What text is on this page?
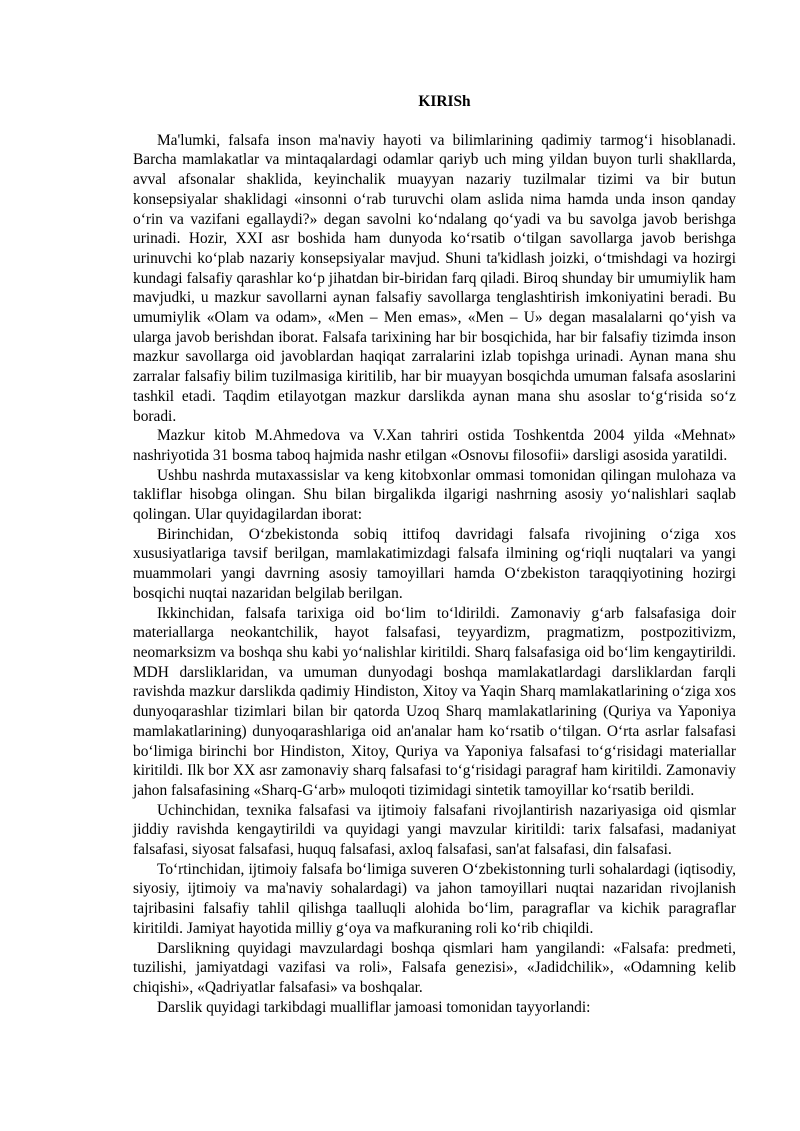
KIRISh

Ma'lumki, falsafa inson ma'naviy hayoti va bilimlarining qadimiy tarmog‘i hisoblanadi. Barcha mamlakatlar va mintaqalardagi odamlar qariyb uch ming yildan buyon turli shakllarda, avval afsonalar shaklida, keyinchalik muayyan nazariy tuzilmalar tizimi va bir butun konsepsiyalar shaklidagi «insonni o‘rab turuvchi olam aslida nima hamda unda inson qanday o‘rin va vazifani egallaydi?» degan savolni ko‘ndalang qo‘yadi va bu savolga javob berishga urinadi. Hozir, XXI asr boshida ham dunyoda ko‘rsatib o‘tilgan savollarga javob berishga urinuvchi ko‘plab nazariy konsepsiyalar mavjud. Shuni ta'kidlash joizki, o‘tmishdagi va hozirgi kundagi falsafiy qarashlar ko‘p jihatdan bir-biridan farq qiladi. Biroq shunday bir umumiylik ham mavjudki, u mazkur savollarni aynan falsafiy savollarga tenglashtirish imkoniyatini beradi. Bu umumiylik «Olam va odam», «Men – Men emas», «Men – U» degan masalalarni qo‘yish va ularga javob berishdan iborat. Falsafa tarixining har bir bosqichida, har bir falsafiy tizimda inson mazkur savollarga oid javoblardan haqiqat zarralarini izlab topishga urinadi. Aynan mana shu zarralar falsafiy bilim tuzilmasiga kiritilib, har bir muayyan bosqichda umuman falsafa asoslarini tashkil etadi. Taqdim etilayotgan mazkur darslikda aynan mana shu asoslar to‘g‘risida so‘z boradi.

Mazkur kitob M.Ahmedova va V.Xan tahriri ostida Toshkentda 2004 yilda «Mehnat» nashriyotida 31 bosma taboq hajmida nashr etilgan «Osnovы filosofii» darsligi asosida yaratildi.

Ushbu nashrda mutaxassislar va keng kitobxonlar ommasi tomonidan qilingan mulohaza va takliflar hisobga olingan. Shu bilan birgalikda ilgarigi nashrning asosiy yo‘nalishlari saqlab qolingan. Ular quyidagilardan iborat:

Birinchidan, O‘zbekistonda sobiq ittifoq davridagi falsafa rivojining o‘ziga xos xususiyatlariga tavsif berilgan, mamlakatimizdagi falsafa ilmining og‘riqli nuqtalari va yangi muammolari yangi davrning asosiy tamoyillari hamda O‘zbekiston taraqqiyotining hozirgi bosqichi nuqtai nazaridan belgilab berilgan.

Ikkinchidan, falsafa tarixiga oid bo‘lim to‘ldirildi. Zamonaviy g‘arb falsafasiga doir materiallarga neokantchilik, hayot falsafasi, teyyardizm, pragmatizm, postpozitivizm, neomarksizm va boshqa shu kabi yo‘nalishlar kiritildi. Sharq falsafasiga oid bo‘lim kengaytirildi. MDH darsliklaridan, va umuman dunyodagi boshqa mamlakatlardagi darsliklardan farqli ravishda mazkur darslikda qadimiy Hindiston, Xitoy va Yaqin Sharq mamlakatlarining o‘ziga xos dunyoqarashlar tizimlari bilan bir qatorda Uzoq Sharq mamlakatlarining (Quriya va Yaponiya mamlakatlarining) dunyoqarashlariga oid an'analar ham ko‘rsatib o‘tilgan. O‘rta asrlar falsafasi bo‘limiga birinchi bor Hindiston, Xitoy, Quriya va Yaponiya falsafasi to‘g‘risidagi materiallar kiritildi. Ilk bor XX asr zamonaviy sharq falsafasi to‘g‘risidagi paragraf ham kiritildi. Zamonaviy jahon falsafasining «Sharq-G‘arb» muloqoti tizimidagi sintetik tamoyillar ko‘rsatib berildi.

Uchinchidan, texnika falsafasi va ijtimoiy falsafani rivojlantirish nazariyasiga oid qismlar jiddiy ravishda kengaytirildi va quyidagi yangi mavzular kiritildi: tarix falsafasi, madaniyat falsafasi, siyosat falsafasi, huquq falsafasi, axloq falsafasi, san'at falsafasi, din falsafasi.

To‘rtinchidan, ijtimoiy falsafa bo‘limiga suveren O‘zbekistonning turli sohalardagi (iqtisodiy, siyosiy, ijtimoiy va ma'naviy sohalardagi) va jahon tamoyillari nuqtai nazaridan rivojlanish tajribasini falsafiy tahlil qilishga taalluqli alohida bo‘lim, paragraflar va kichik paragraflar kiritildi. Jamiyat hayotida milliy g‘oya va mafkuraning roli ko‘rib chiqildi.

Darslikning quyidagi mavzulardagi boshqa qismlari ham yangilandi: «Falsafa: predmeti, tuzilishi, jamiyatdagi vazifasi va roli», Falsafa genezisi», «Jadidchilik», «Odamning kelib chiqishi», «Qadriyatlar falsafasi» va boshqalar.

Darslik quyidagi tarkibdagi mualliflar jamoasi tomonidan tayyorlandi:
